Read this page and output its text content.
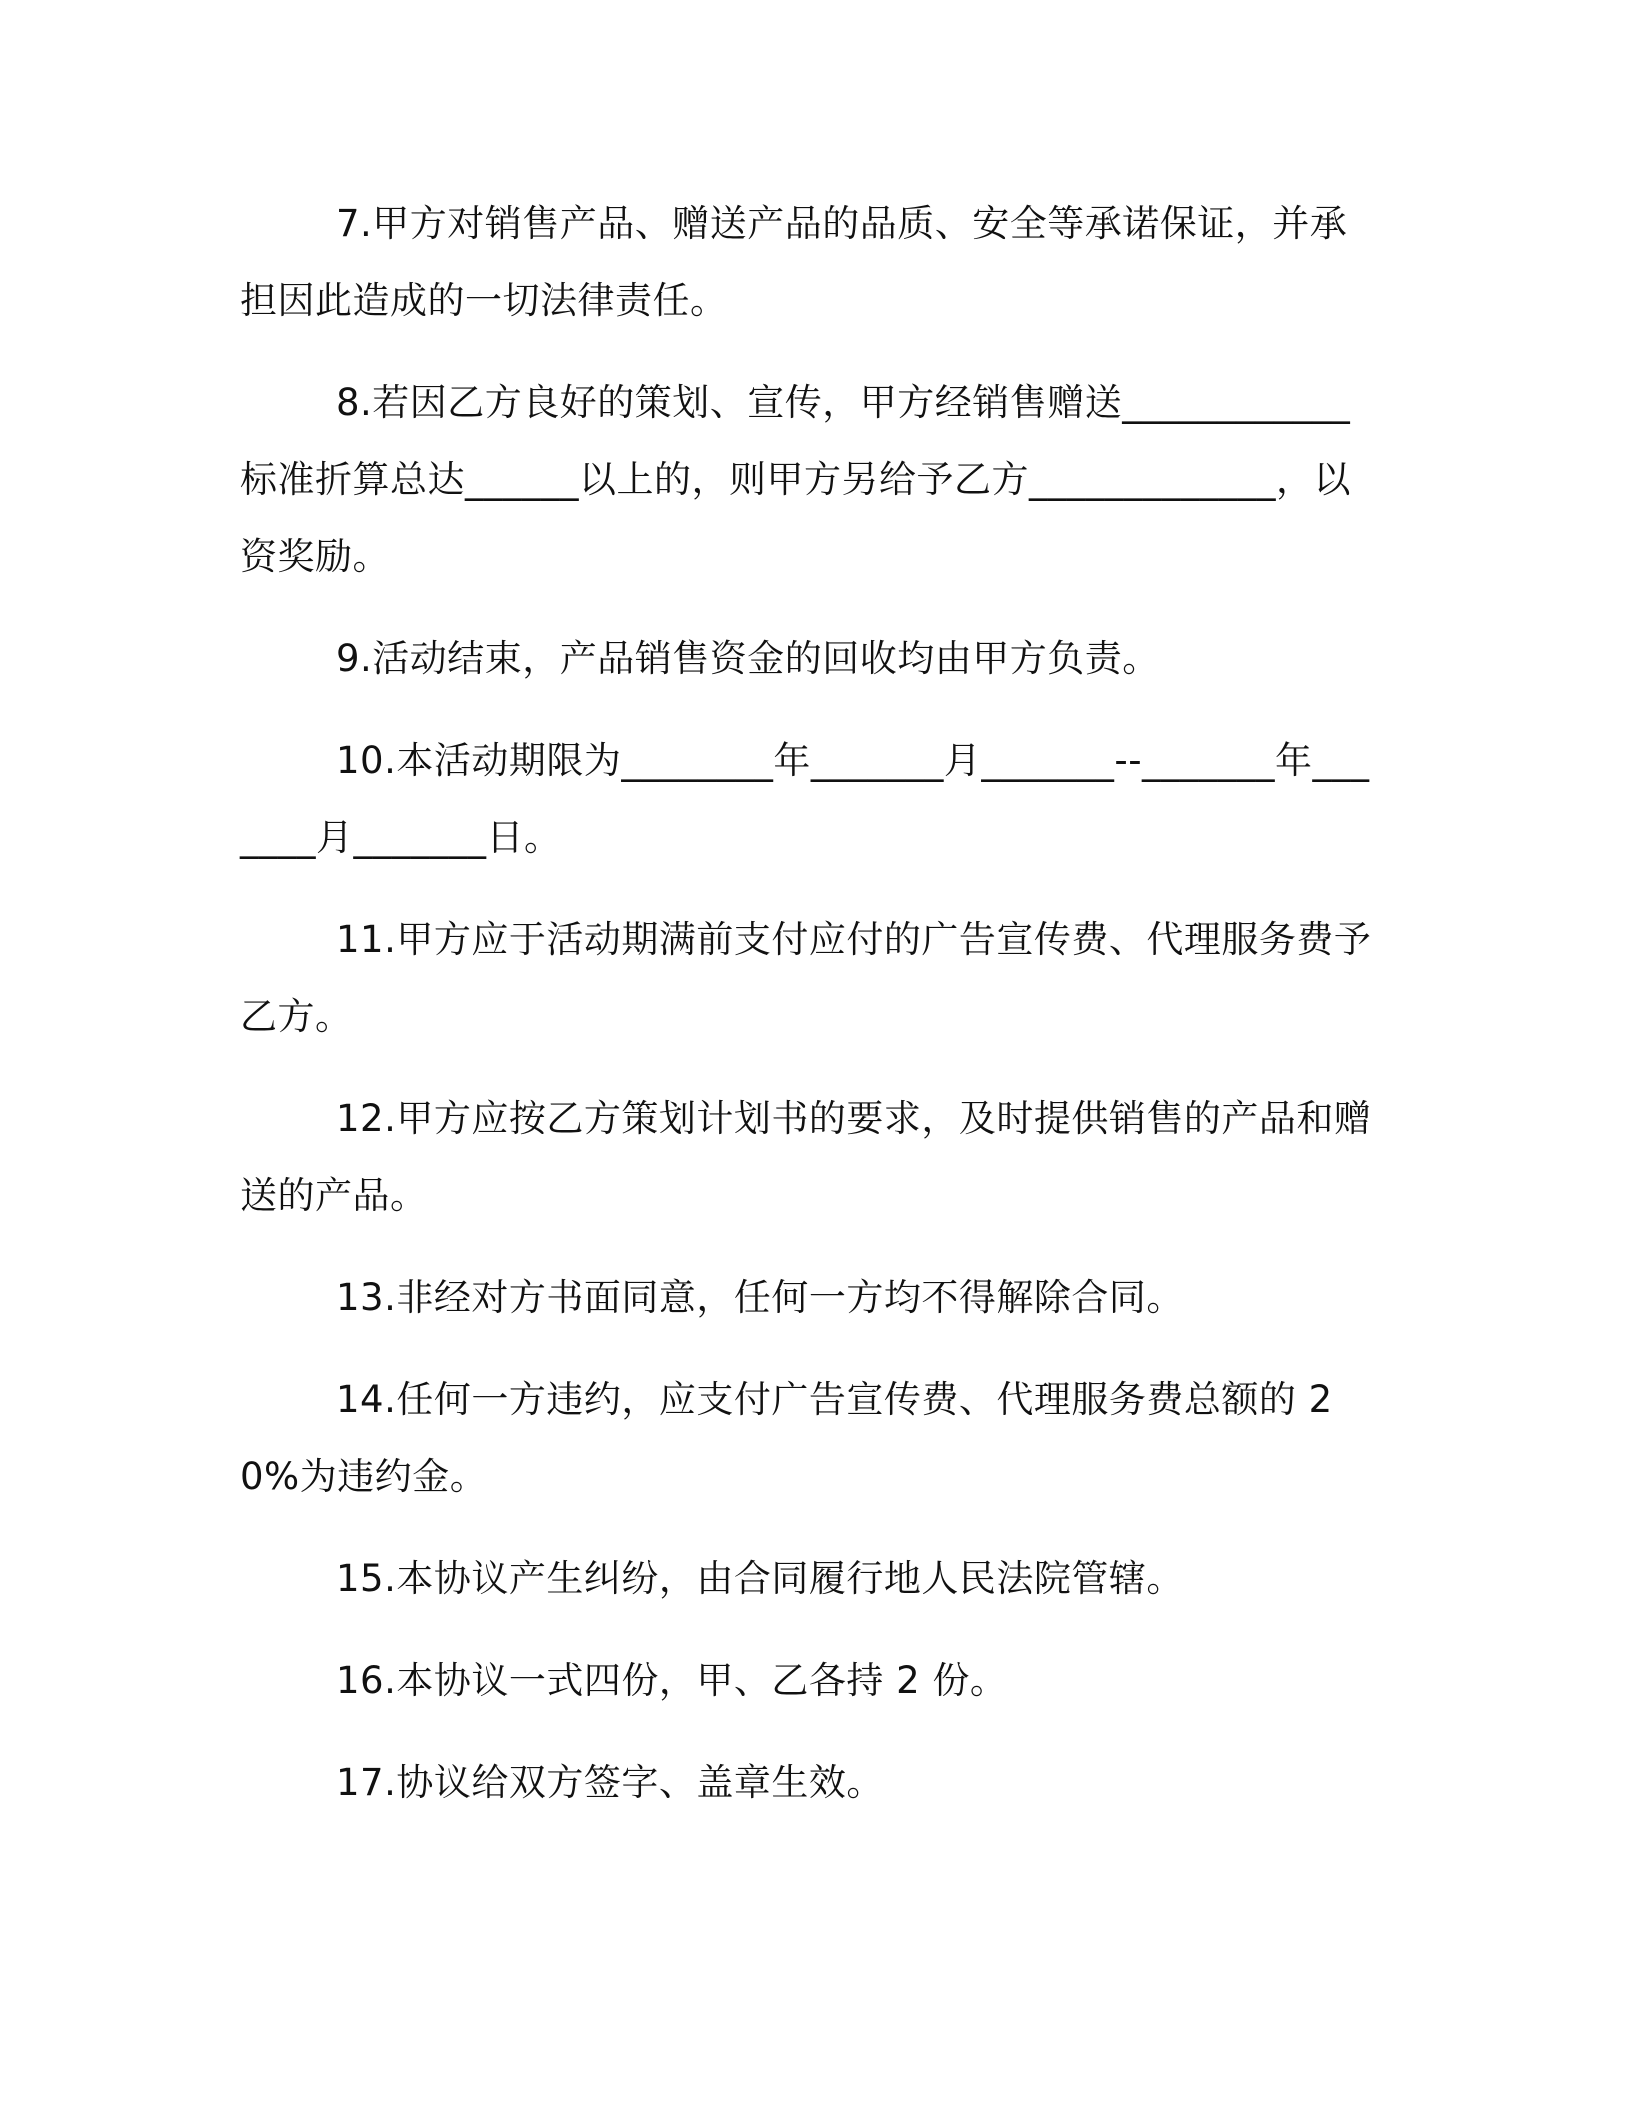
7.甲方对销售产品、赠送产品的品质、安全等承诺保证，并承担因此造成的一切法律责任。

8.若因乙方良好的策划、宣传，甲方经销售赠送____________标准折算总达______以上的，则甲方另给予乙方_____________，以资奖励。

9.活动结束，产品销售资金的回收均由甲方负责。

10.本活动期限为________年_______月_______--_______年_______月_______日。

11.甲方应于活动期满前支付应付的广告宣传费、代理服务费予乙方。

12.甲方应按乙方策划计划书的要求，及时提供销售的产品和赠送的产品。

13.非经对方书面同意，任何一方均不得解除合同。

14.任何一方违约，应支付广告宣传费、代理服务费总额的 20%为违约金。

15.本协议产生纠纷，由合同履行地人民法院管辖。

16.本协议一式四份，甲、乙各持 2 份。

17.协议给双方签字、盖章生效。
